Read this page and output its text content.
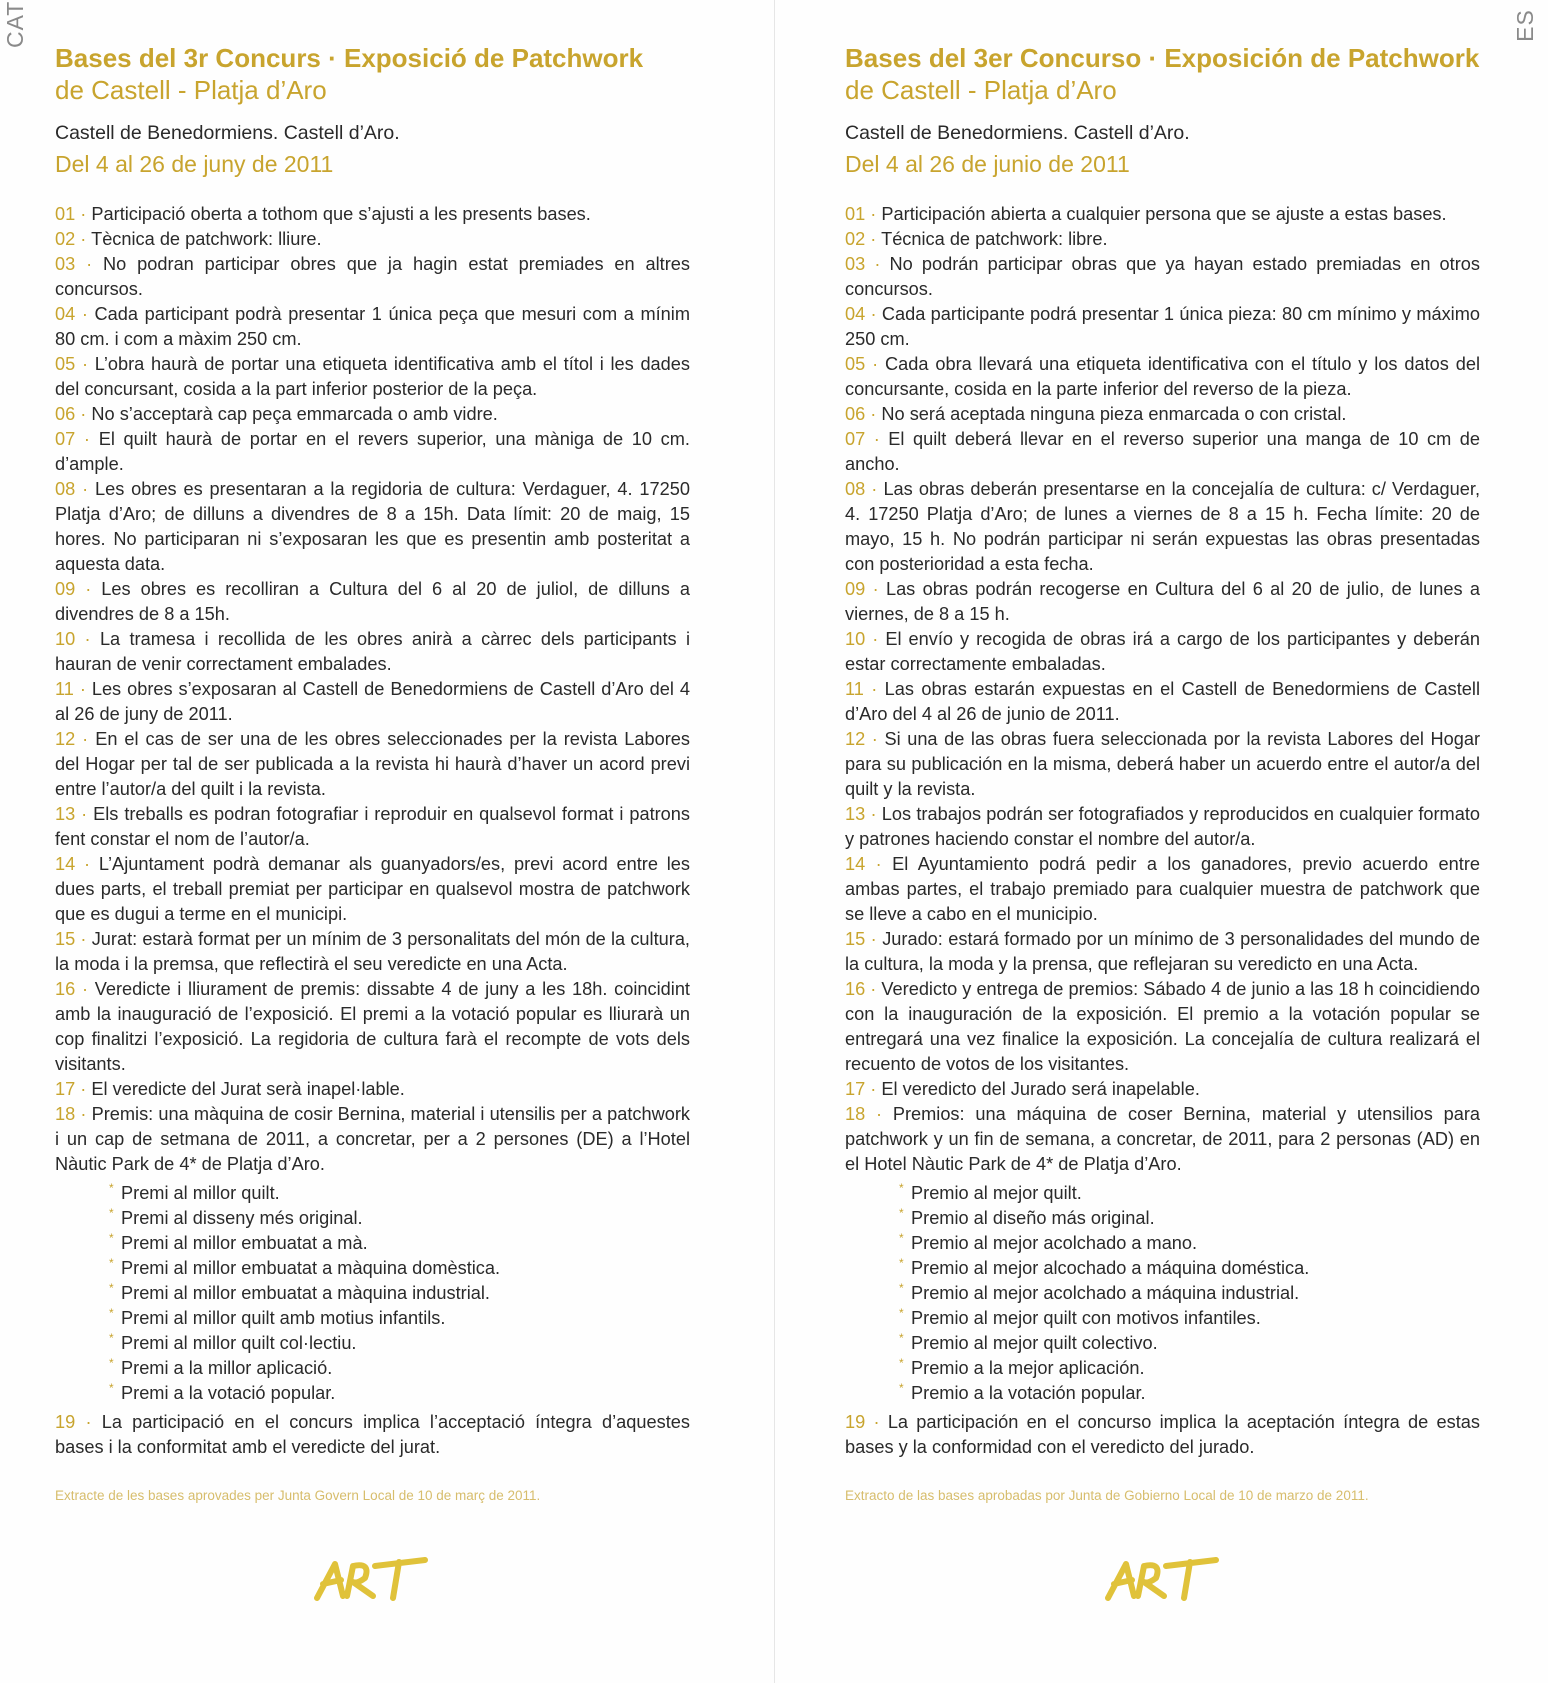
CAT	ES
Bases del 3r Concurs · Exposició de Patchwork
de Castell - Platja d’Aro
Castell de Benedormiens. Castell d’Aro.
Del 4 al 26 de juny de 2011

01 · Participació oberta a tothom que s’ajusti a les presents bases.

02 · Tècnica de patchwork: lliure.

03 · No podran participar obres que ja hagin estat premiades en altres concursos.

04 · Cada participant podrà presentar 1 única peça que mesuri com a mínim 80 cm. i com a màxim 250 cm.

05 · L’obra haurà de portar una etiqueta identificativa amb el títol i les dades del concursant, cosida a la part inferior posterior de la peça.

06 · No s’acceptarà cap peça emmarcada o amb vidre.

07 · El quilt haurà de portar en el revers superior, una màniga de 10 cm. d’ample.

08 · Les obres es presentaran a la regidoria de cultura: Verdaguer, 4. 17250 Platja d’Aro; de dilluns a divendres de 8 a 15h. Data límit: 20 de maig, 15 hores. No participaran ni s’exposaran les que es presentin amb posteritat a aquesta data.

09 · Les obres es recolliran a Cultura del 6 al 20 de juliol, de dilluns a divendres de 8 a 15h.

10 · La tramesa i recollida de les obres anirà a càrrec dels participants i hauran de venir correctament embalades.

11 · Les obres s’exposaran al Castell de Benedormiens de Castell d’Aro del 4 al 26 de juny de 2011.

12 · En el cas de ser una de les obres seleccionades per la revista Labores del Hogar per tal de ser publicada a la revista hi haurà d’haver un acord previ entre l’autor/a del quilt i la revista.

13 · Els treballs es podran fotografiar i reproduir en qualsevol format i patrons fent constar el nom de l’autor/a.

14 · L’Ajuntament podrà demanar als guanyadors/es, previ acord entre les dues parts, el treball premiat per participar en qualsevol mostra de patchwork que es dugui a terme en el municipi.

15 · Jurat: estarà format per un mínim de 3 personalitats del món de la cultura, la moda i la premsa, que reflectirà el seu veredicte en una Acta.

16 · Veredicte i lliurament de premis: dissabte 4 de juny a les 18h. coincidint amb la inauguració de l’exposició. El premi a la votació popular es lliurarà un cop finalitzi l’exposició. La regidoria de cultura farà el recompte de vots dels visitants.

17 · El veredicte del Jurat serà inapel·lable.

18 · Premis: una màquina de cosir Bernina, material i utensilis per a patchwork i un cap de setmana de 2011, a concretar, per a 2 persones (DE) a l’Hotel Nàutic Park de 4* de Platja d’Aro.

* Premi al millor quilt.
* Premi al disseny més original.
* Premi al millor embuatat a mà.
* Premi al millor embuatat a màquina domèstica.
* Premi al millor embuatat a màquina industrial.
* Premi al millor quilt amb motius infantils.
* Premi al millor quilt col·lectiu.
* Premi a la millor aplicació.
* Premi a la votació popular.

19 · La participació en el concurs implica l’acceptació íntegra d’aquestes bases i la conformitat amb el veredicte del jurat.

Extracte de les bases aprovades per Junta Govern Local de 10 de març de 2011.
Bases del 3er Concurso · Exposición de Patchwork
de Castell - Platja d’Aro
Castell de Benedormiens. Castell d’Aro.
Del 4 al 26 de junio de 2011

01 · Participación abierta a cualquier persona que se ajuste a estas bases.

02 · Técnica de patchwork: libre.

03 · No podrán participar obras que ya hayan estado premiadas en otros concursos.

04 · Cada participante podrá presentar 1 única pieza: 80 cm mínimo y máximo 250 cm.

05 · Cada obra llevará una etiqueta identificativa con el título y los datos del concursante, cosida en la parte inferior del reverso de la pieza.

06 · No será aceptada ninguna pieza enmarcada o con cristal.

07 · El quilt deberá llevar en el reverso superior una manga de 10 cm de ancho.

08 · Las obras deberán presentarse en la concejalía de cultura: c/ Verdaguer, 4. 17250 Platja d’Aro; de lunes a viernes de 8 a 15 h. Fecha límite: 20 de mayo, 15 h. No podrán participar ni serán expuestas las obras presentadas con posterioridad a esta fecha.

09 · Las obras podrán recogerse en Cultura del 6 al 20 de julio, de lunes a viernes, de 8 a 15 h.

10 · El envío y recogida de obras irá a cargo de los participantes y deberán estar correctamente embaladas.

11 · Las obras estarán expuestas en el Castell de Benedormiens de Castell d’Aro del 4 al 26 de junio de 2011.

12 · Si una de las obras fuera seleccionada por la revista Labores del Hogar para su publicación en la misma, deberá haber un acuerdo entre el autor/a del quilt y la revista.

13 · Los trabajos podrán ser fotografiados y reproducidos en cualquier formato y patrones haciendo constar el nombre del autor/a.

14 · El Ayuntamiento podrá pedir a los ganadores, previo acuerdo entre ambas partes, el trabajo premiado para cualquier muestra de patchwork que se lleve a cabo en el municipio.

15 · Jurado: estará formado por un mínimo de 3 personalidades del mundo de la cultura, la moda y la prensa, que reflejaran su veredicto en una Acta.

16 · Veredicto y entrega de premios: Sábado 4 de junio a las 18 h coincidiendo con la inauguración de la exposición. El premio a la votación popular se entregará una vez finalice la exposición. La concejalía de cultura realizará el recuento de votos de los visitantes.

17 · El veredicto del Jurado será inapelable.

18 · Premios: una máquina de coser Bernina, material y utensilios para patchwork y un fin de semana, a concretar, de 2011, para 2 personas (AD) en el Hotel Nàutic Park de 4* de Platja d’Aro.

* Premio al mejor quilt.
* Premio al diseño más original.
* Premio al mejor acolchado a mano.
* Premio al mejor alcochado a máquina doméstica.
* Premio al mejor acolchado a máquina industrial.
* Premio al mejor quilt con motivos infantiles.
* Premio al mejor quilt colectivo.
* Premio a la mejor aplicación.
* Premio a la votación popular.

19 · La participación en el concurso implica la aceptación íntegra de estas bases y la conformidad con el veredicto del jurado.

Extracto de las bases aprobadas por Junta de Gobierno Local de 10 de marzo de 2011.
